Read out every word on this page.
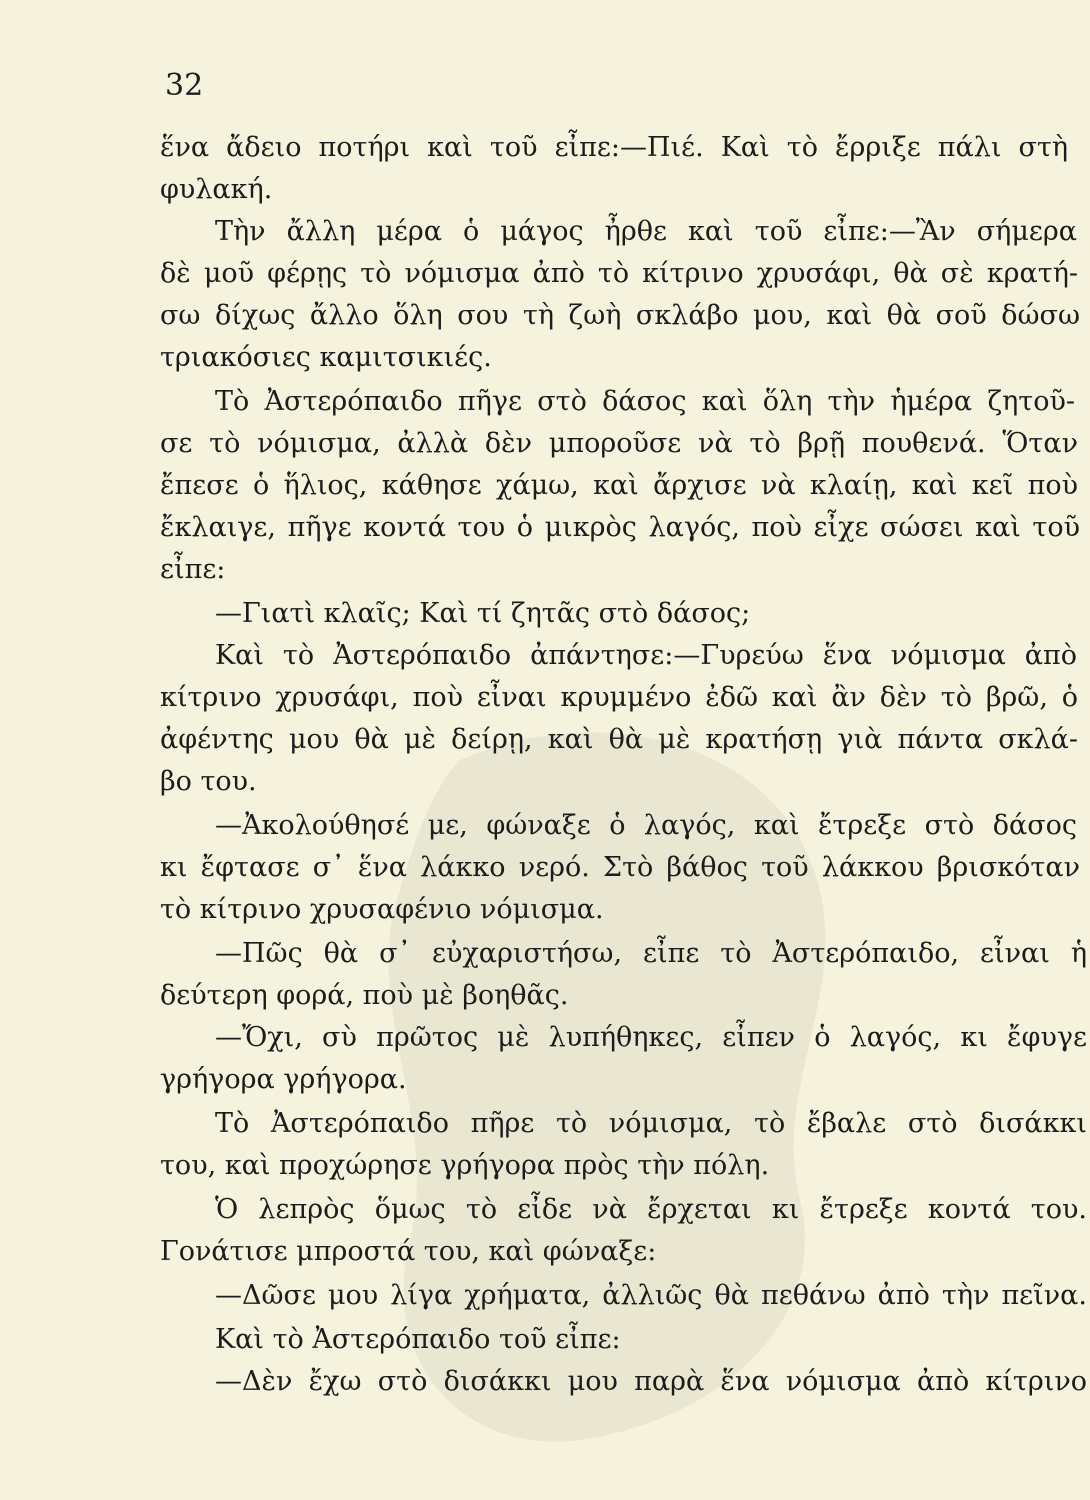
32
ἕνα ἄδειο ποτήρι καὶ τοῦ εἶπε:—Πιέ. Καὶ τὸ ἔρριξε πάλι στὴ
φυλακή.
Τὴν ἄλλη μέρα ὁ μάγος ἦρθε καὶ τοῦ εἶπε:—Ἂν σήμερα
δὲ μοῦ φέρῃς τὸ νόμισμα ἀπὸ τὸ κίτρινο χρυσάφι, θὰ σὲ κρατή-
σω δίχως ἄλλο ὅλη σου τὴ ζωὴ σκλάβο μου, καὶ θὰ σοῦ δώσω
τριακόσιες καμιτσικιές.
Τὸ Ἀστερόπαιδο πῆγε στὸ δάσος καὶ ὅλη τὴν ἡμέρα ζητοῦ-
σε τὸ νόμισμα, ἀλλὰ δὲν μποροῦσε νὰ τὸ βρῇ πουθενά. Ὅταν
ἔπεσε ὁ ἥλιος, κάθησε χάμω, καὶ ἄρχισε νὰ κλαίῃ, καὶ κεῖ ποὺ
ἔκλαιγε, πῆγε κοντά του ὁ μικρὸς λαγός, ποὺ εἶχε σώσει καὶ τοῦ
εἶπε:
—Γιατὶ κλαῖς; Καὶ τί ζητᾶς στὸ δάσος;
Καὶ τὸ Ἀστερόπαιδο ἀπάντησε:—Γυρεύω ἕνα νόμισμα ἀπὸ
κίτρινο χρυσάφι, ποὺ εἶναι κρυμμένο ἐδῶ καὶ ἂν δὲν τὸ βρῶ, ὁ
ἀφέντης μου θὰ μὲ δείρῃ, καὶ θὰ μὲ κρατήσῃ γιὰ πάντα σκλά-
βο του.
—Ἀκολούθησέ με, φώναξε ὁ λαγός, καὶ ἔτρεξε στὸ δάσος
κι ἔφτασε σ᾿ ἕνα λάκκο νερό. Στὸ βάθος τοῦ λάκκου βρισκόταν
τὸ κίτρινο χρυσαφένιο νόμισμα.
—Πῶς θὰ σ᾿ εὐχαριστήσω, εἶπε τὸ Ἀστερόπαιδο, εἶναι ἡ
δεύτερη φορά, ποὺ μὲ βοηθᾶς.
—Ὄχι, σὺ πρῶτος μὲ λυπήθηκες, εἶπεν ὁ λαγός, κι ἔφυγε
γρήγορα γρήγορα.
Τὸ Ἀστερόπαιδο πῆρε τὸ νόμισμα, τὸ ἔβαλε στὸ δισάκκι
του, καὶ προχώρησε γρήγορα πρὸς τὴν πόλη.
Ὁ λεπρὸς ὅμως τὸ εἶδε νὰ ἔρχεται κι ἔτρεξε κοντά του.
Γονάτισε μπροστά του, καὶ φώναξε:
—Δῶσε μου λίγα χρήματα, ἀλλιῶς θὰ πεθάνω ἀπὸ τὴν πεῖνα.
Καὶ τὸ Ἀστερόπαιδο τοῦ εἶπε:
—Δὲν ἔχω στὸ δισάκκι μου παρὰ ἕνα νόμισμα ἀπὸ κίτρινο
